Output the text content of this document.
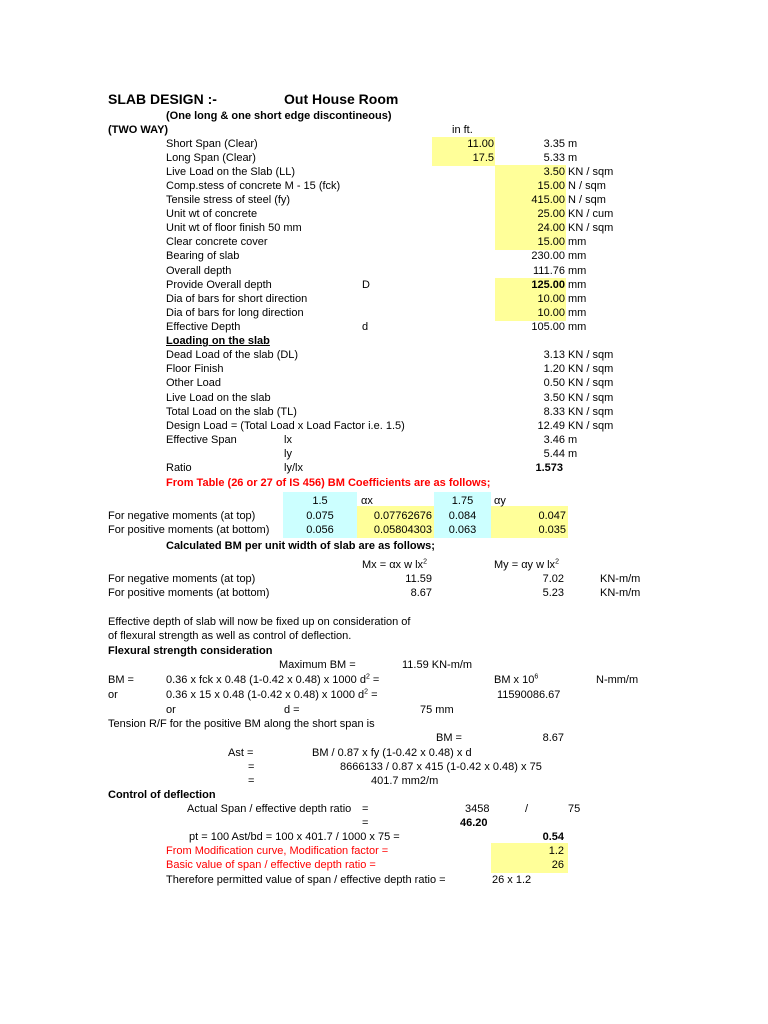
SLAB DESIGN :-	Out House Room
(One long & one short edge discontineous)
(TWO WAY)	in ft.
Short Span (Clear)	11.00	3.35 m
Long Span (Clear)	17.5	5.33 m
Live Load on the Slab (LL)	3.50 KN / sqm
Comp.stess of concrete M - 15 (fck)	15.00 N / sqm
Tensile stress of steel (fy)	415.00 N / sqm
Unit wt of concrete	25.00 KN / cum
Unit wt of floor finish 50 mm	24.00 KN / sqm
Clear concrete cover	15.00 mm
Bearing of slab	230.00 mm
Overall depth	111.76 mm
Provide Overall depth	D	125.00 mm
Dia of bars for short direction	10.00 mm
Dia of bars for long direction	10.00 mm
Effective Depth	d	105.00 mm
Loading on the slab
Dead Load of the slab (DL)	3.13 KN / sqm
Floor Finish	1.20 KN / sqm
Other Load	0.50 KN / sqm
Live Load on the slab	3.50 KN / sqm
Total Load on the slab (TL)	8.33 KN / sqm
Design Load = (Total Load x Load Factor i.e. 1.5)	12.49 KN / sqm
Effective Span	lx	3.46 m
ly	5.44 m
Ratio	ly/lx	1.573
From Table (26 or 27 of IS 456) BM Coefficients are as follows;
1.5	αx	1.75	αy
For negative moments (at top)	0.075	0.07762676	0.084	0.047
For positive moments (at bottom)	0.056	0.05804303	0.063	0.035
Calculated BM per unit width of slab are as follows;
Mx = αx w $lx^2$	My = αy w $lx^2$
For negative moments (at top)	11.59	7.02	KN-m/m
For positive moments (at bottom)	8.67	5.23	KN-m/m
Effective depth of slab will now be fixed up on consideration of
of flexural strength as well as control of deflection.
Flexural strength consideration
Maximum BM =	11.59 KN-m/m
BM =	0.36 x fck x 0.48 (1-0.42 x 0.48) x 1000 $d^2$ =	BM x $10^6$	N-mm/m
or	0.36 x 15 x 0.48 (1-0.42 x 0.48) x 1000 $d^2$ =	11590086.67
or	d =	75 mm
Tension R/F for the positive BM along the short span is
BM =	8.67
Ast =	BM / 0.87 x fy (1-0.42 x 0.48) x d
=	8666133 / 0.87 x 415 (1-0.42 x 0.48) x 75
=	401.7 mm2/m
Control of deflection
Actual Span / effective depth ratio =	3458	/	75
=	46.20
pt = 100 Ast/bd = 100 x 401.7 / 1000 x 75 =	0.54
From Modification curve, Modification factor =	1.2
Basic value of span / effective depth ratio =	26
Therefore permitted value of span / effective depth ratio =	26 x 1.2
